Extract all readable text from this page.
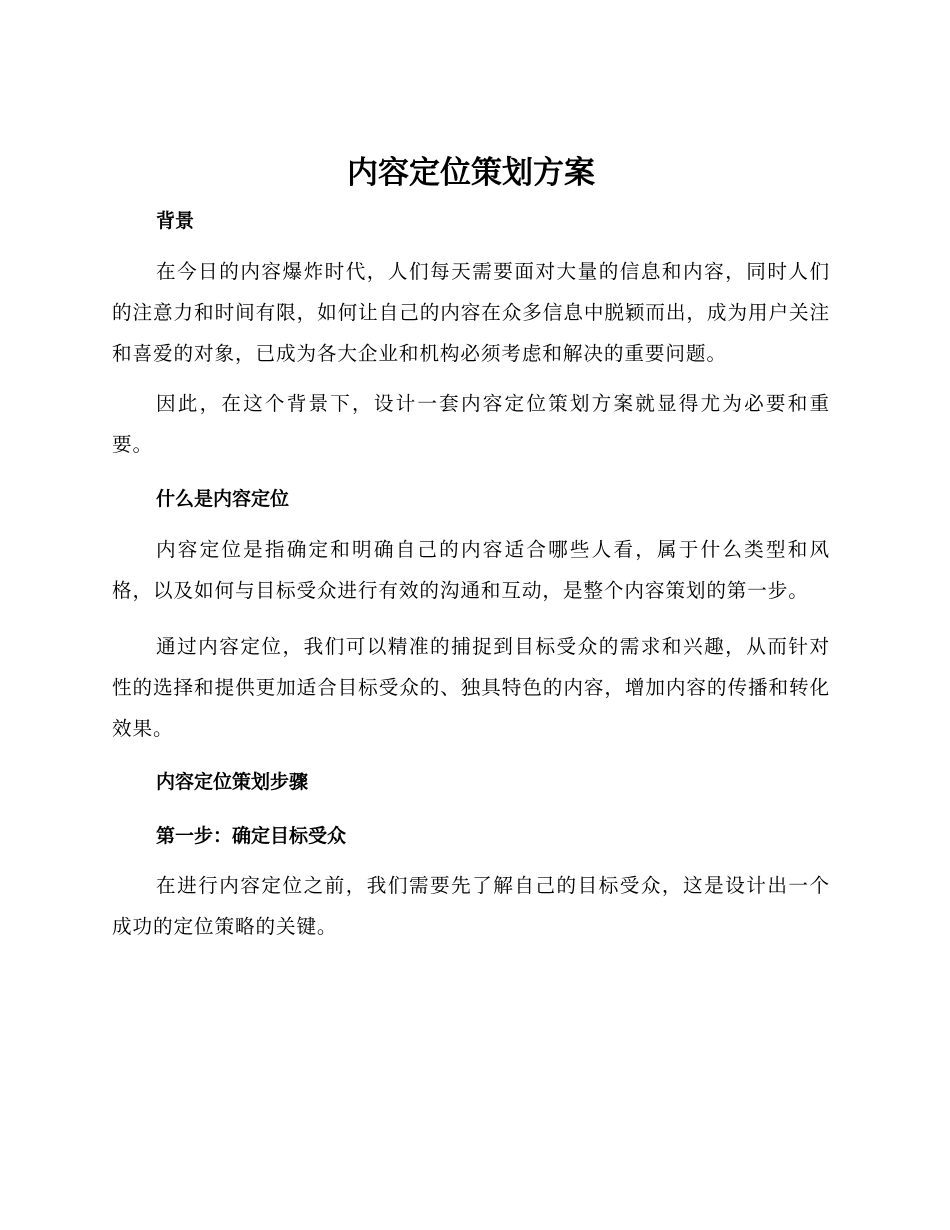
内容定位策划方案

背景

在今日的内容爆炸时代，人们每天需要面对大量的信息和内容，同时人们的注意力和时间有限，如何让自己的内容在众多信息中脱颖而出，成为用户关注和喜爱的对象，已成为各大企业和机构必须考虑和解决的重要问题。

因此，在这个背景下，设计一套内容定位策划方案就显得尤为必要和重要。

什么是内容定位

内容定位是指确定和明确自己的内容适合哪些人看，属于什么类型和风格，以及如何与目标受众进行有效的沟通和互动，是整个内容策划的第一步。

通过内容定位，我们可以精准的捕捉到目标受众的需求和兴趣，从而针对性的选择和提供更加适合目标受众的、独具特色的内容，增加内容的传播和转化效果。

内容定位策划步骤

第一步：确定目标受众

在进行内容定位之前，我们需要先了解自己的目标受众，这是设计出一个成功的定位策略的关键。
